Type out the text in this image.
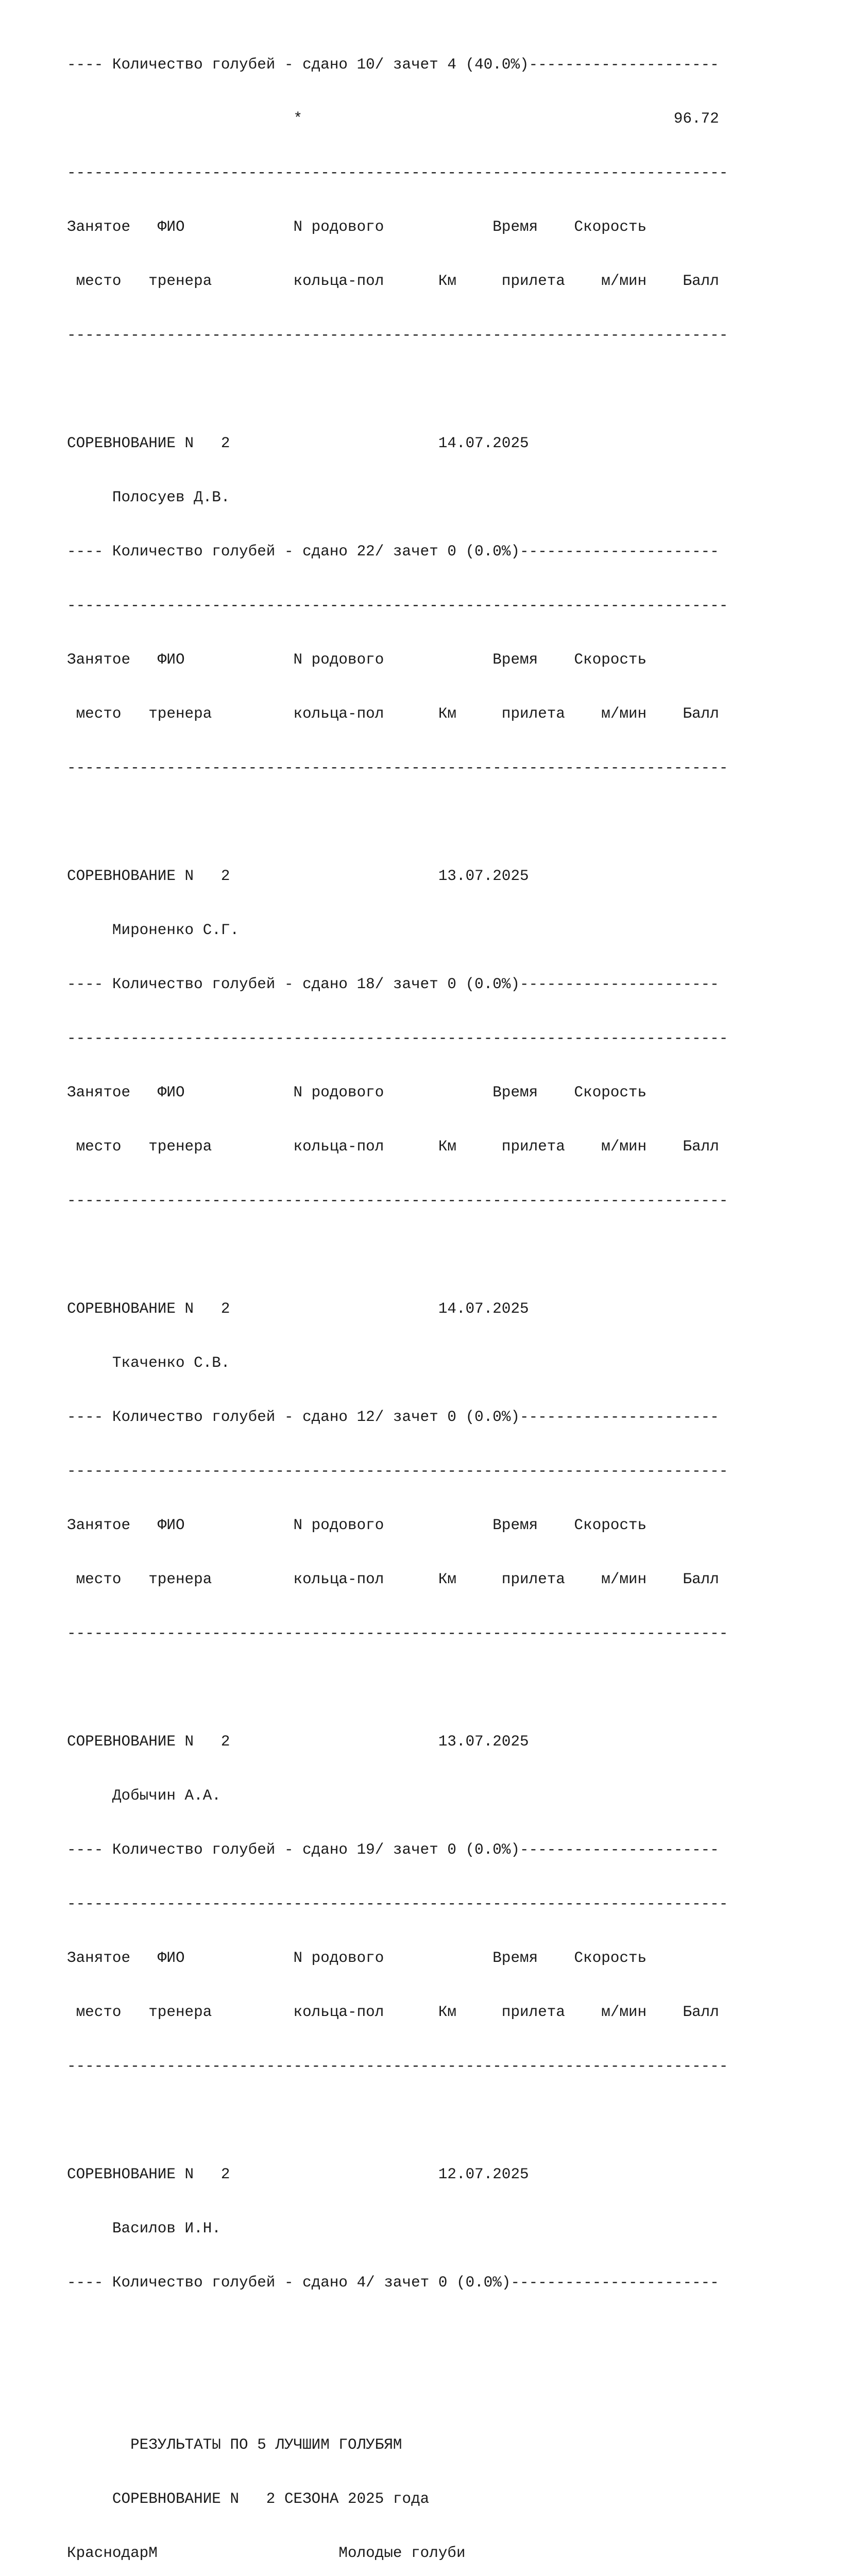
---- Количество голубей - сдано 10/ зачет 4 (40.0%)---------------------

*                                         96.72

-------------------------------------------------------------------------

Занятое   ФИО            N родового            Время    Скорость

место   тренера         кольца-пол      Км     прилета    м/мин    Балл

-------------------------------------------------------------------------

СОРЕВНОВАНИЕ N   2                       14.07.2025

Полосуев Д.В.

---- Количество голубей - сдано 22/ зачет 0 (0.0%)----------------------

-------------------------------------------------------------------------

Занятое   ФИО            N родового            Время    Скорость

место   тренера         кольца-пол      Км     прилета    м/мин    Балл

-------------------------------------------------------------------------

СОРЕВНОВАНИЕ N   2                       13.07.2025

Мироненко С.Г.

---- Количество голубей - сдано 18/ зачет 0 (0.0%)----------------------

-------------------------------------------------------------------------

Занятое   ФИО            N родового            Время    Скорость

место   тренера         кольца-пол      Км     прилета    м/мин    Балл

-------------------------------------------------------------------------

СОРЕВНОВАНИЕ N   2                       14.07.2025

Ткаченко С.В.

---- Количество голубей - сдано 12/ зачет 0 (0.0%)----------------------

-------------------------------------------------------------------------

Занятое   ФИО            N родового            Время    Скорость

место   тренера         кольца-пол      Км     прилета    м/мин    Балл

-------------------------------------------------------------------------

СОРЕВНОВАНИЕ N   2                       13.07.2025

Добычин А.А.

---- Количество голубей - сдано 19/ зачет 0 (0.0%)----------------------

-------------------------------------------------------------------------

Занятое   ФИО            N родового            Время    Скорость

место   тренера         кольца-пол      Км     прилета    м/мин    Балл

-------------------------------------------------------------------------

СОРЕВНОВАНИЕ N   2                       12.07.2025

Василов И.Н.

---- Количество голубей - сдано 4/ зачет 0 (0.0%)-----------------------

РЕЗУЛЬТАТЫ ПО 5 ЛУЧШИМ ГОЛУБЯМ

СОРЕВНОВАНИЕ N   2 СЕЗОНА 2025 года

КраснодарМ                    Молодые голуби
